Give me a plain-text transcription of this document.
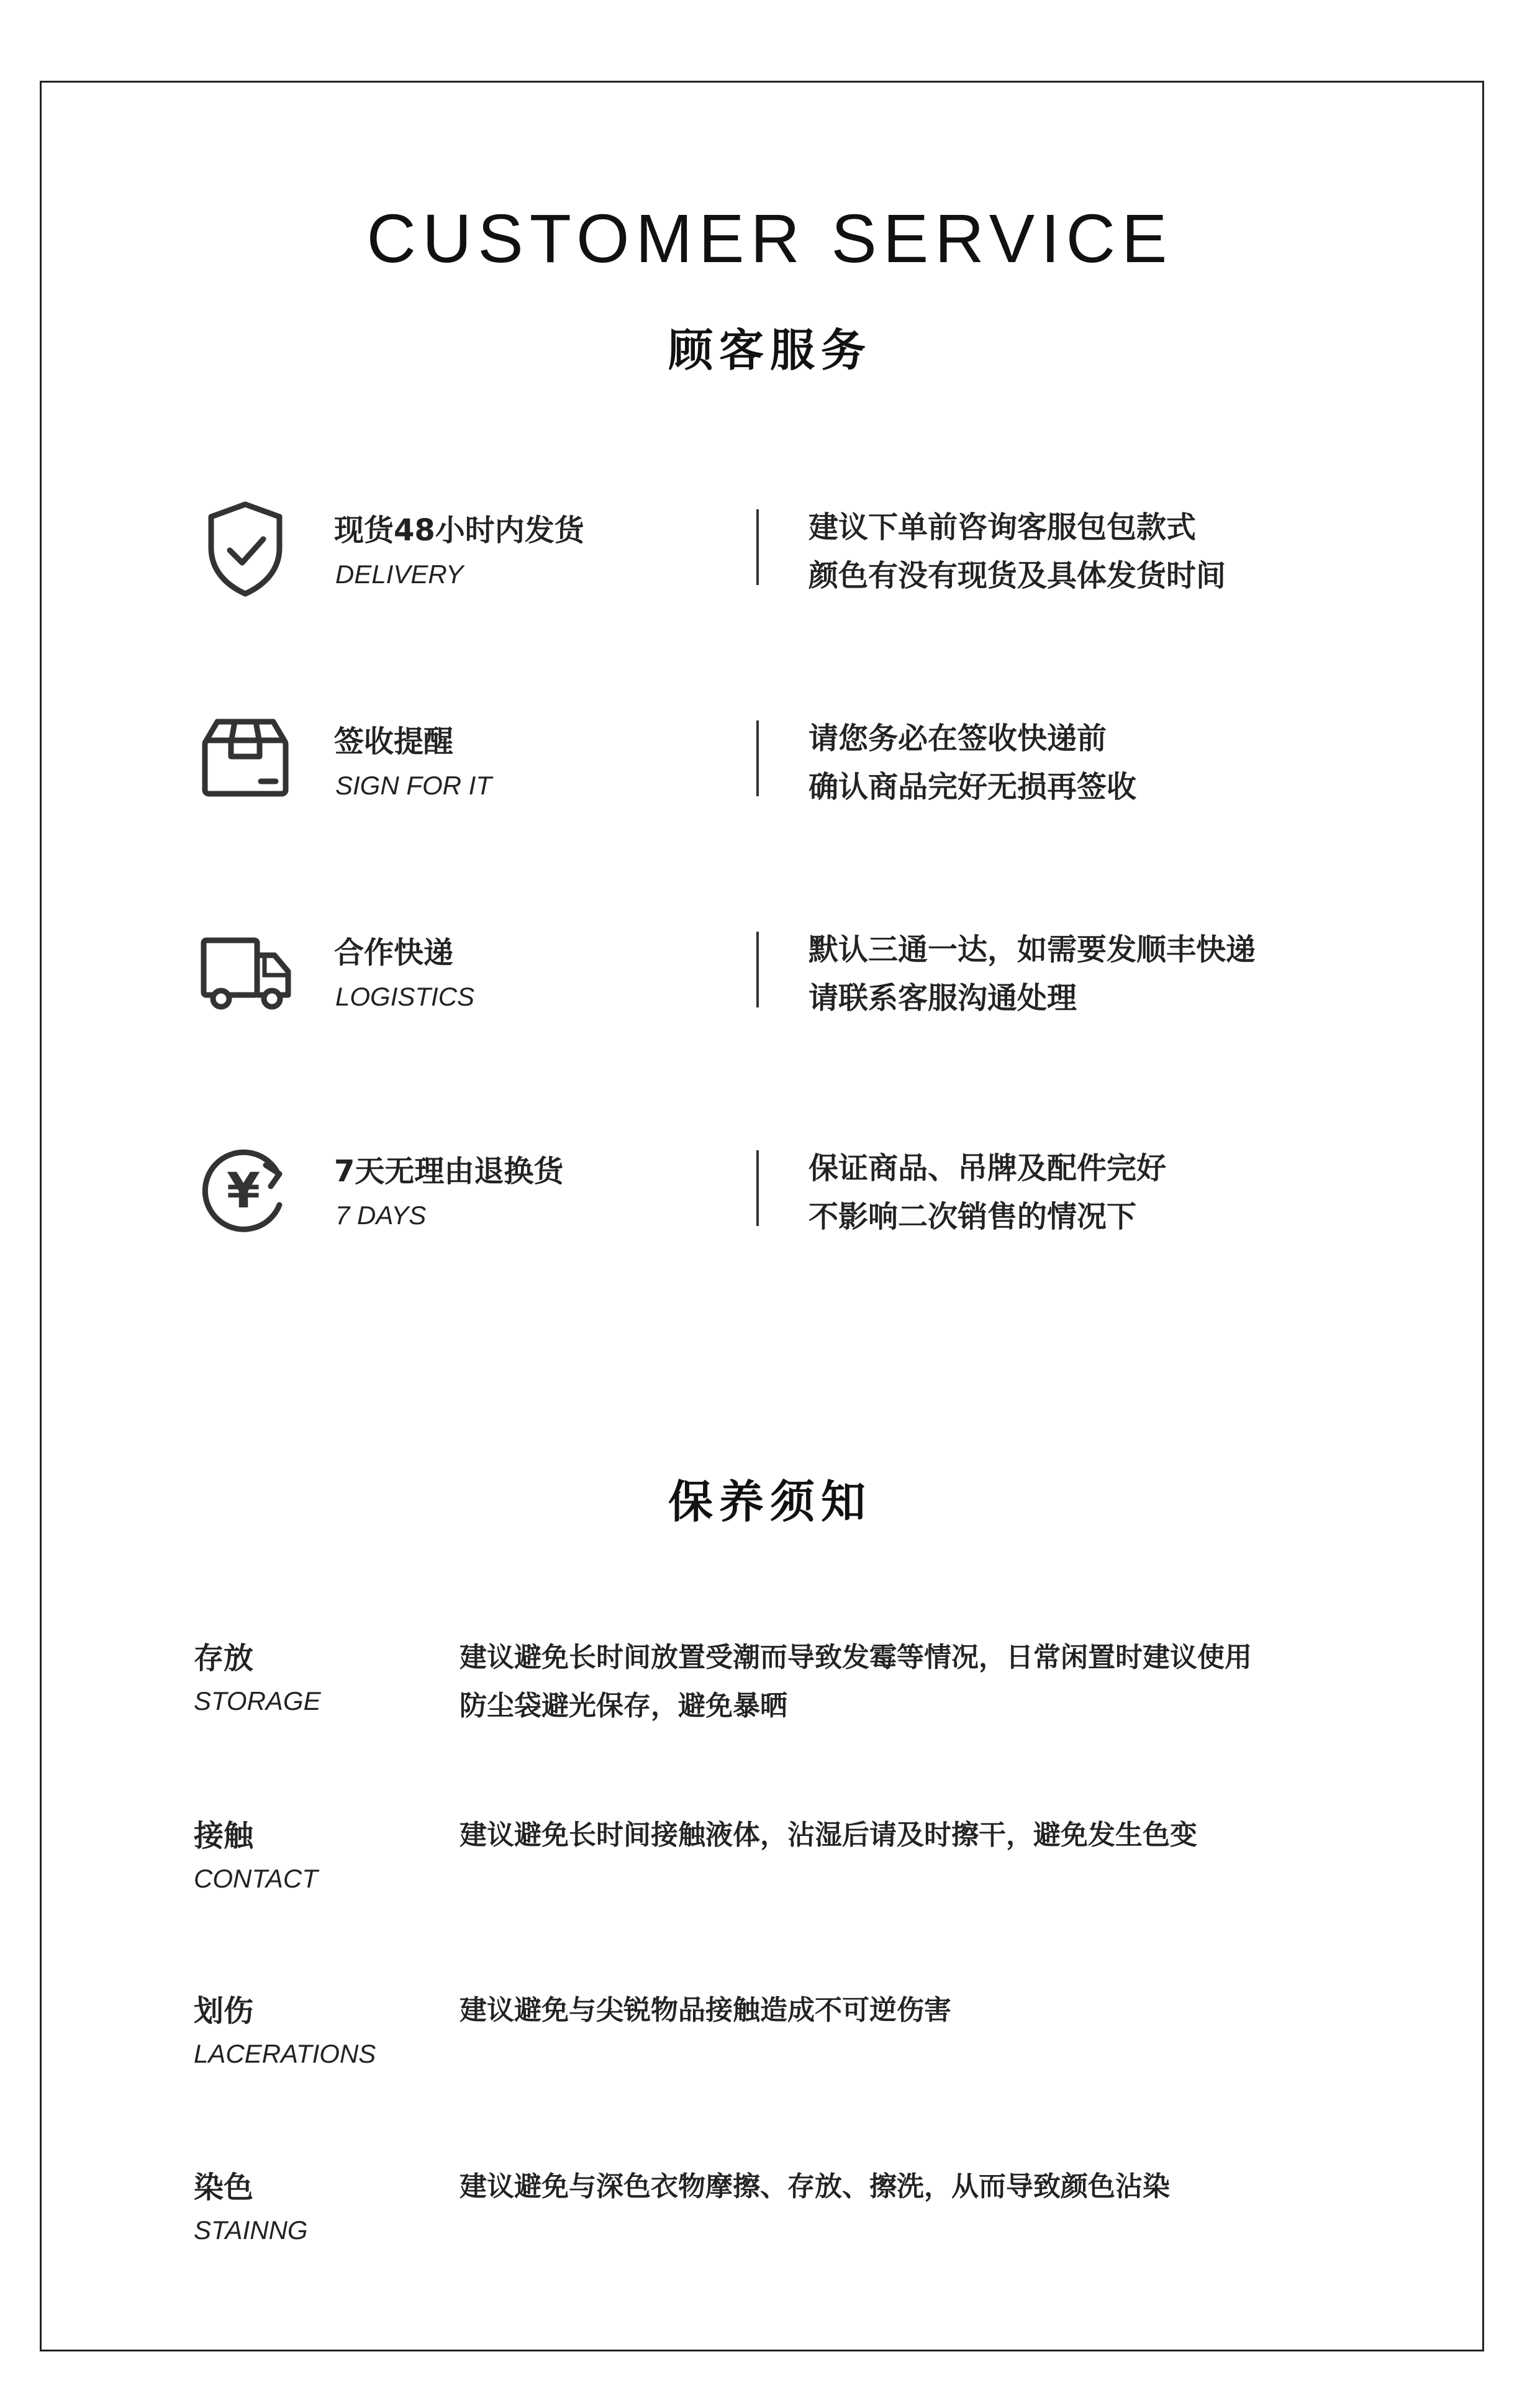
CUSTOMER SERVICE
顾客服务
现货48小时内发货
DELIVERY
建议下单前咨询客服包包款式
颜色有没有现货及具体发货时间
签收提醒
SIGN FOR IT
请您务必在签收快递前
确认商品完好无损再签收
合作快递
LOGISTICS
默认三通一达，如需要发顺丰快递
请联系客服沟通处理
¥ 7天无理由退换货
7 DAYS
保证商品、吊牌及配件完好
不影响二次销售的情况下
保养须知
存放
STORAGE
建议避免长时间放置受潮而导致发霉等情况，日常闲置时建议使用
防尘袋避光保存，避免暴晒
接触
CONTACT
建议避免长时间接触液体，沾湿后请及时擦干，避免发生色变
划伤
LACERATIONS
建议避免与尖锐物品接触造成不可逆伤害
染色
STAINNG
建议避免与深色衣物摩擦、存放、擦洗，从而导致颜色沾染
